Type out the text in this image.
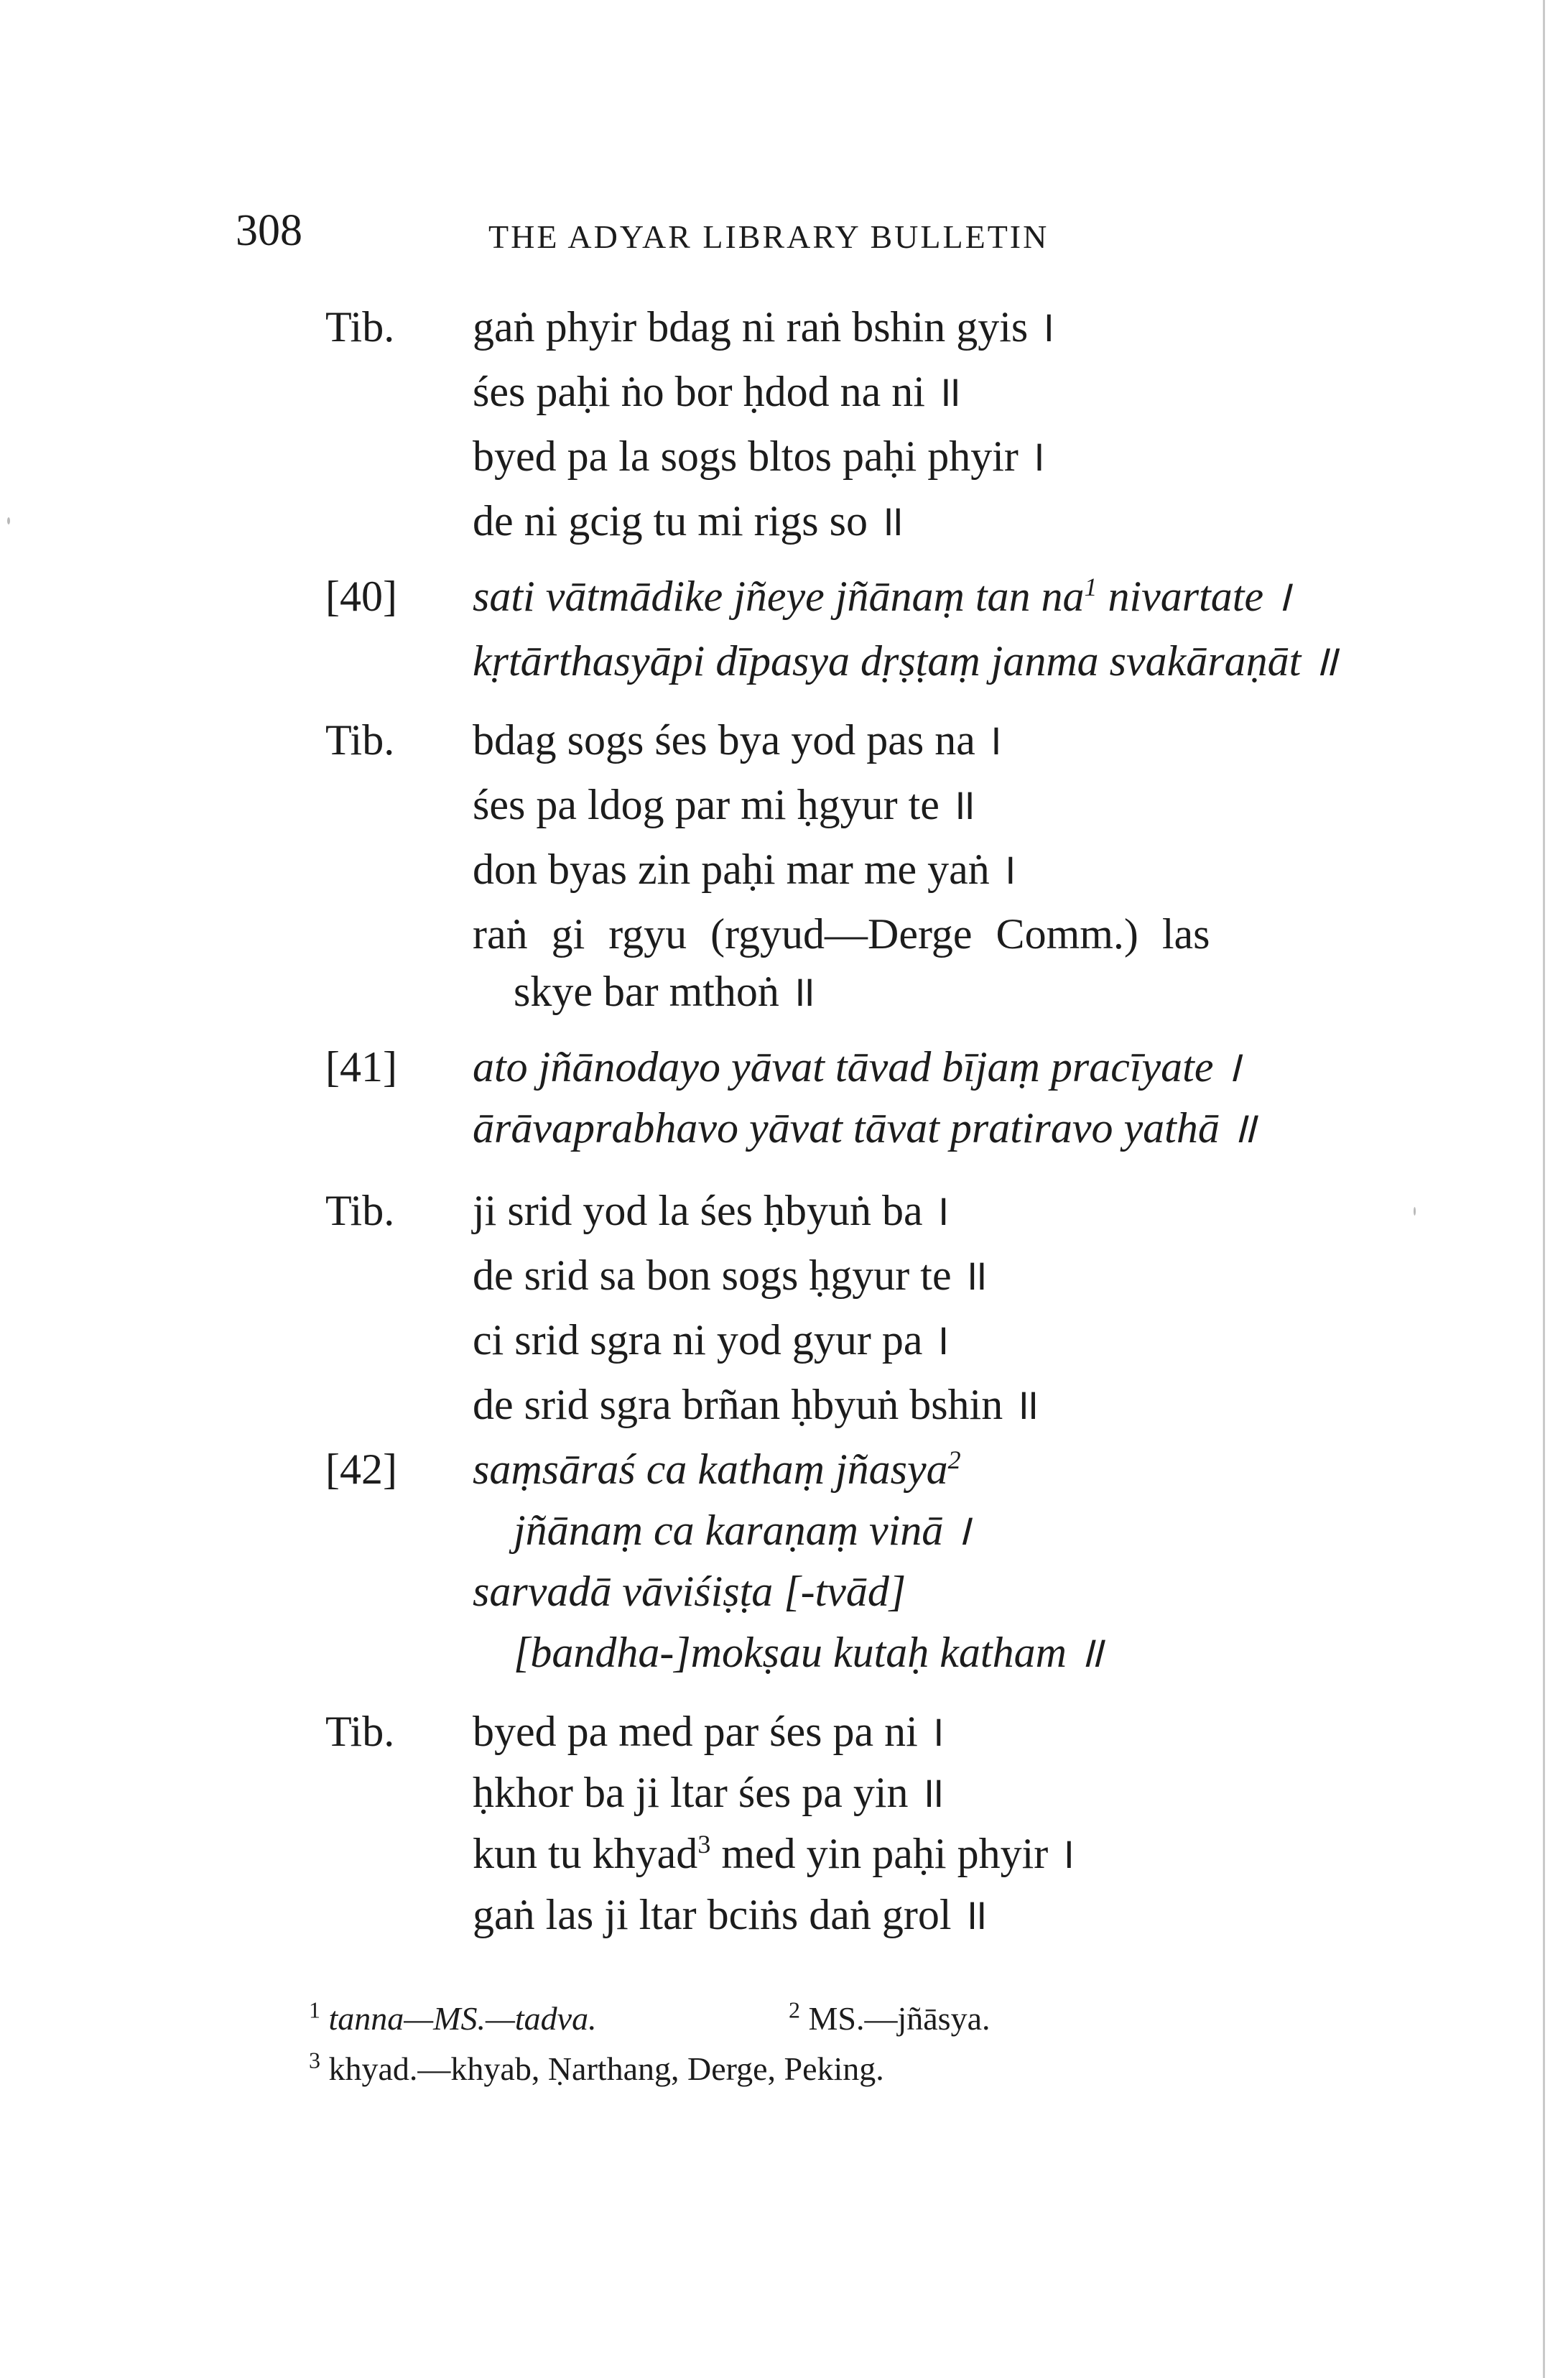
308	THE ADYAR LIBRARY BULLETIN
Tib. gaṅ phyir bdag ni raṅ bshin gyis ।
śes paḥi ṅo bor ḥdod na ni ॥
byed pa la sogs bltos paḥi phyir ।
de ni gcig tu mi rigs so ॥
[40] sati vātmādike jñeye jñānaṃ $\tan na^1$ nivartate ।
kṛtārthasyāpi dīpasya dṛṣṭaṃ janma svakāraṇāt ॥
Tib. bdag sogs śes bya yod pas na ।
śes pa ldog par mi ḥgyur te ॥
don byas zin paḥi mar me yaṅ ।
raṅ gi rgyu (rgyud—Derge Comm.) las
skye bar mthoṅ ॥
[41] ato jñānodayo yāvat tāvad bījaṃ pracīyate ।
ārāvaprabhavo yāvat tāvat pratiravo yathā ॥
Tib. ji srid yod la śes ḥbyuṅ ba ।
de srid sa bon sogs ḥgyur te ॥
ci srid sgra ni yod gyur pa ।
de srid sgra brñan ḥbyuṅ bshin ॥
[42] saṃsāraś ca kathaṃ jñasya$^2$
jñānaṃ ca karaṇaṃ vinā ।
sarvadā vāviśiṣṭa [-tvād]
[bandha-]mokṣau kutaḥ katham ॥
Tib. byed pa med par śes pa ni ।
ḥkhor ba ji ltar śes pa yin ॥
kun tu khyad$^3$ med yin paḥi phyir ।
gaṅ las ji ltar bciṅs daṅ grol ॥
$^1$ tanna—MS.—tadva.	$^2$ MS.—jñāsya.
$^3$ khyad.—khyab, Ṇarthang, Derge, Peking.
